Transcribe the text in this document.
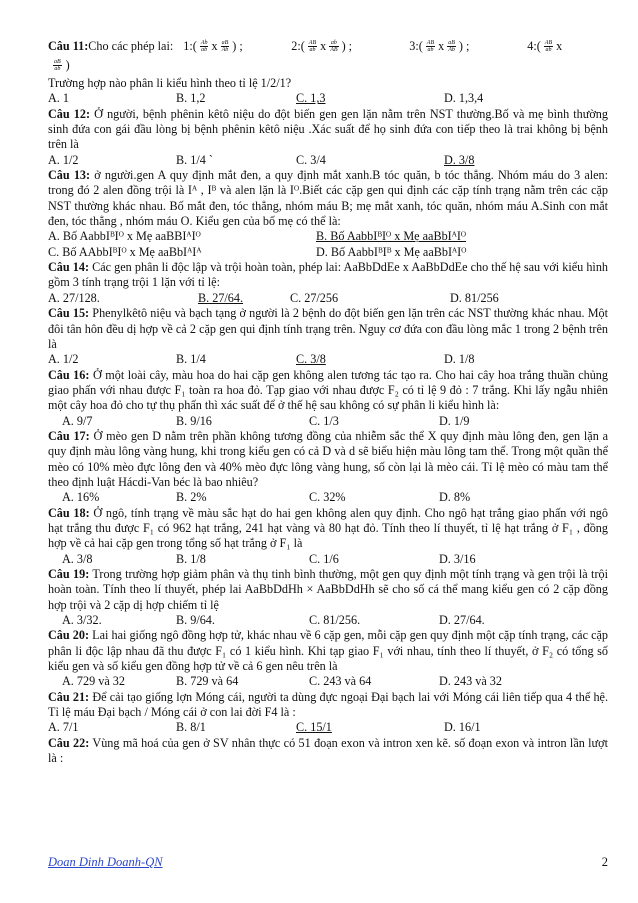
Câu 11: Cho các phép lai: 1:( $\frac{Ab}{ab}$ x $\frac{aB}{Ab}$ ) ;	2:( $\frac{AB}{ab}$ x $\frac{ab}{AB}$ ) ;	3:( $\frac{AB}{ab}$ x $\frac{aB}{Ab}$ ) ;	4:( $\frac{AB}{ab}$ x
$\frac{aB}{ab}$ )

Trường hợp nào phân li kiểu hình theo tỉ lệ 1/2/1?

A. 1	B. 1,2	C. 1,3	D. 1,3,4

Câu 12: Ở người, bệnh phênin kêtô niệu do đột biến gen gen lặn nằm trên NST thường.Bố và mẹ bình thường sinh đứa con gái đầu lòng bị bệnh phênin kêtô niệu .Xác suất để họ sinh đứa con tiếp theo là trai không bị bệnh trên là

A. 1/2	B. 1/4 `	C. 3/4	D. 3/8

Câu 13: ở người.gen A quy định mắt đen, a quy định mắt xanh.B tóc quăn, b tóc thẳng. Nhóm máu do 3 alen: trong đó 2 alen đồng trội là Iᴬ , Iᴮ và alen lặn là Iᴼ.Biết các cặp gen qui định các cặp tính trạng nằm trên các cặp NST thường khác nhau. Bố mắt đen, tóc thẳng, nhóm máu B; mẹ mắt xanh, tóc quăn, nhóm máu A.Sinh con mắt đen, tóc thẳng , nhóm máu O. Kiểu gen của bố mẹ có thể là:

A. Bố AabbIᴮIᴼ x Mẹ aaBBIᴬIᴼ	B. Bố AabbIᴮIᴼ x Mẹ aaBbIᴬIᴼ
C. Bố AAbbIᴮIᴼ x Mẹ aaBbIᴬIᴬ	D. Bố AabbIᴮIᴮ x Mẹ aaBbIᴬIᴼ

Câu 14: Các gen phân li độc lập và trội hoàn toàn, phép lai: AaBbDdEe x AaBbDdEe cho thế hệ sau với kiểu hình gồm 3 tính trạng trội 1 lặn với tỉ lệ:

A. 27/128.	B. 27/64.	C. 27/256	D. 81/256

Câu 15: Phenylkêtô niệu và bạch tạng ở người là 2 bệnh do đột biến gen lặn trên các NST thường khác nhau. Một đôi tân hôn đều dị hợp về cả 2 cặp gen qui định tính trạng trên. Nguy cơ đứa con đầu lòng mắc 1 trong 2 bệnh trên là

A. 1/2	B. 1/4	C. 3/8	D. 1/8

Câu 16: Ở một loài cây, màu hoa do hai cặp gen không alen tương tác tạo ra. Cho hai cây hoa trắng thuần chủng giao phấn với nhau được F₁ toàn ra hoa đỏ. Tạp giao với nhau được F₂ có tỉ lệ 9 đỏ : 7 trắng. Khi lấy ngẫu nhiên một cây hoa đỏ cho tự thụ phấn thì xác suất để ở thế hệ sau không có sự phân li kiểu hình là:

A. 9/7	B. 9/16	C. 1/3	D. 1/9

Câu 17: Ở mèo gen D nằm trên phần không tương đồng của nhiễm sắc thể X quy định màu lông đen, gen lặn a quy định màu lông vàng hung, khi trong kiểu gen có cả D và d sẽ biểu hiện màu lông tam thể. Trong một quần thể mèo có 10% mèo đực lông đen và 40% mèo đực lông vàng hung, số còn lại là mèo cái. Tỉ lệ mèo có màu tam thể theo định luật Hácdi-Van béc là bao nhiêu?

A. 16%	B. 2%	C. 32%	D. 8%

Câu 18: Ở ngô, tính trạng về màu sắc hạt do hai gen không alen quy định. Cho ngô hạt trắng giao phấn với ngô hạt trắng thu được F₁ có 962 hạt trắng, 241 hạt vàng và 80 hạt đỏ. Tính theo lí thuyết, tỉ lệ hạt trắng ở F₁ , đồng hợp về cả hai cặp gen trong tổng số hạt trắng ở F₁ là

A. 3/8	B. 1/8	C. 1/6	D. 3/16

Câu 19: Trong trường hợp giảm phân và thụ tinh bình thường, một gen quy định một tính trạng và gen trội là trội hoàn toàn. Tính theo lí thuyết, phép lai AaBbDdHh × AaBbDdHh sẽ cho số cá thể mang kiểu gen có 2 cặp đồng hợp trội và 2 cặp dị hợp chiếm tỉ lệ

A. 3/32.	B. 9/64.	C. 81/256.	D. 27/64.

Câu 20: Lai hai giống ngô đồng hợp tử, khác nhau về 6 cặp gen, mỗi cặp gen quy định một cặp tính trạng, các cặp phân li độc lập nhau đã thu được F₁ có 1 kiểu hình. Khi tạp giao F₁ với nhau, tính theo lí thuyết, ở F₂ có tổng số kiểu gen và số kiểu gen đồng hợp tử về cả 6 gen nêu trên là

A. 729 và 32	B. 729 và 64	C. 243 và 64	D. 243 và 32

Câu 21: Để cải tạo giống lợn Móng cái, người ta dùng đực ngoại Đại bạch lai với Móng cái liên tiếp qua 4 thế hệ. Tỉ lệ máu Đại bạch / Móng cái ở con lai đời F4 là :

A. 7/1	B. 8/1	C. 15/1	D. 16/1

Câu 22: Vùng mã hoá của gen ở SV nhân thực có 51 đoạn exon và intron xen kẽ. số đoạn exon và intron lần lượt là :

Doan Dinh Doanh-QN	2
